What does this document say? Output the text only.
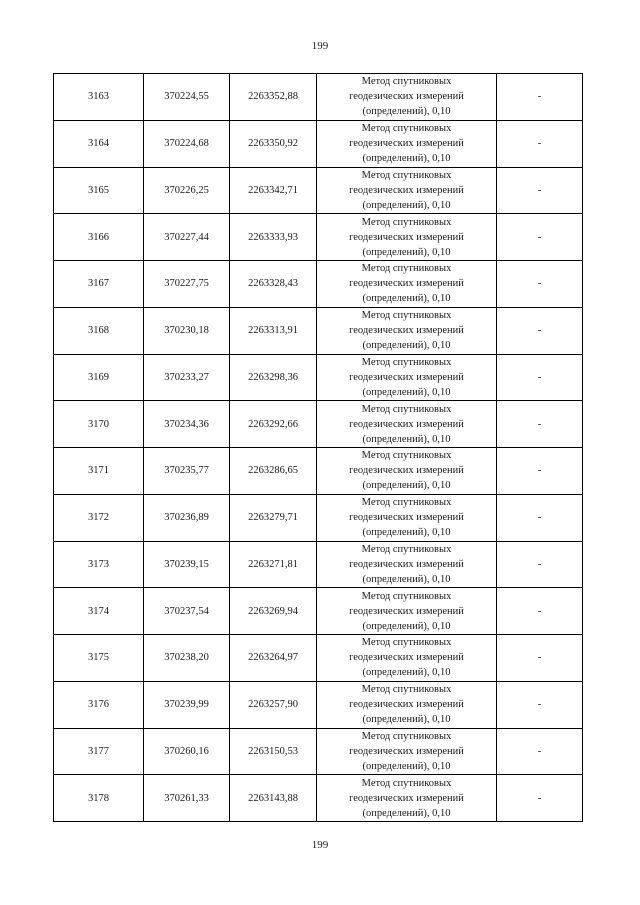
199
3163	370224,55	2263352,88	Метод спутниковых
геодезических измерений
(определений), 0,10	-
3164	370224,68	2263350,92	Метод спутниковых
геодезических измерений
(определений), 0,10	-
3165	370226,25	2263342,71	Метод спутниковых
геодезических измерений
(определений), 0,10	-
3166	370227,44	2263333,93	Метод спутниковых
геодезических измерений
(определений), 0,10	-
3167	370227,75	2263328,43	Метод спутниковых
геодезических измерений
(определений), 0,10	-
3168	370230,18	2263313,91	Метод спутниковых
геодезических измерений
(определений), 0,10	-
3169	370233,27	2263298,36	Метод спутниковых
геодезических измерений
(определений), 0,10	-
3170	370234,36	2263292,66	Метод спутниковых
геодезических измерений
(определений), 0,10	-
3171	370235,77	2263286,65	Метод спутниковых
геодезических измерений
(определений), 0,10	-
3172	370236,89	2263279,71	Метод спутниковых
геодезических измерений
(определений), 0,10	-
3173	370239,15	2263271,81	Метод спутниковых
геодезических измерений
(определений), 0,10	-
3174	370237,54	2263269,94	Метод спутниковых
геодезических измерений
(определений), 0,10	-
3175	370238,20	2263264,97	Метод спутниковых
геодезических измерений
(определений), 0,10	-
3176	370239,99	2263257,90	Метод спутниковых
геодезических измерений
(определений), 0,10	-
3177	370260,16	2263150,53	Метод спутниковых
геодезических измерений
(определений), 0,10	-
3178	370261,33	2263143,88	Метод спутниковых
геодезических измерений
(определений), 0,10	-
199
